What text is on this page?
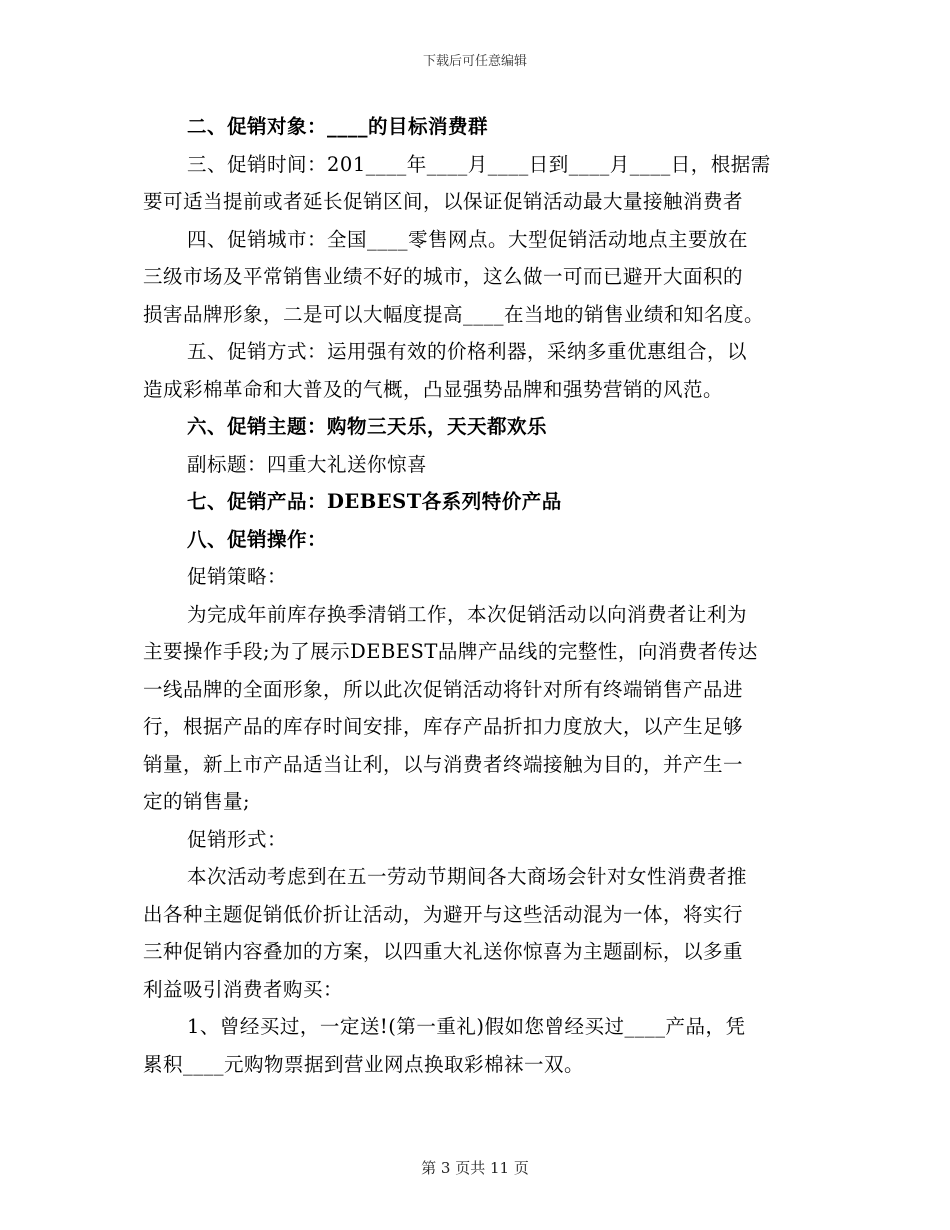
下载后可任意编辑
二、促销对象：____的目标消费群
三、促销时间：201____年____月____日到____月____日，根据需
要可适当提前或者延长促销区间，以保证促销活动最大量接触消费者
四、促销城市：全国____零售网点。大型促销活动地点主要放在
三级市场及平常销售业绩不好的城市，这么做一可而已避开大面积的
损害品牌形象，二是可以大幅度提高____在当地的销售业绩和知名度。
五、促销方式：运用强有效的价格利器，采纳多重优惠组合，以
造成彩棉革命和大普及的气概，凸显强势品牌和强势营销的风范。
六、促销主题：购物三天乐，天天都欢乐
副标题：四重大礼送你惊喜
七、促销产品：DEBEST各系列特价产品
八、促销操作：
促销策略：
为完成年前库存换季清销工作，本次促销活动以向消费者让利为
主要操作手段;为了展示DEBEST品牌产品线的完整性，向消费者传达
一线品牌的全面形象，所以此次促销活动将针对所有终端销售产品进
行，根据产品的库存时间安排，库存产品折扣力度放大，以产生足够
销量，新上市产品适当让利，以与消费者终端接触为目的，并产生一
定的销售量;
促销形式：
本次活动考虑到在五一劳动节期间各大商场会针对女性消费者推
出各种主题促销低价折让活动，为避开与这些活动混为一体，将实行
三种促销内容叠加的方案，以四重大礼送你惊喜为主题副标，以多重
利益吸引消费者购买：
1、曾经买过，一定送!(第一重礼)假如您曾经买过____产品，凭
累积____元购物票据到营业网点换取彩棉袜一双。
第 3 页共 11 页
